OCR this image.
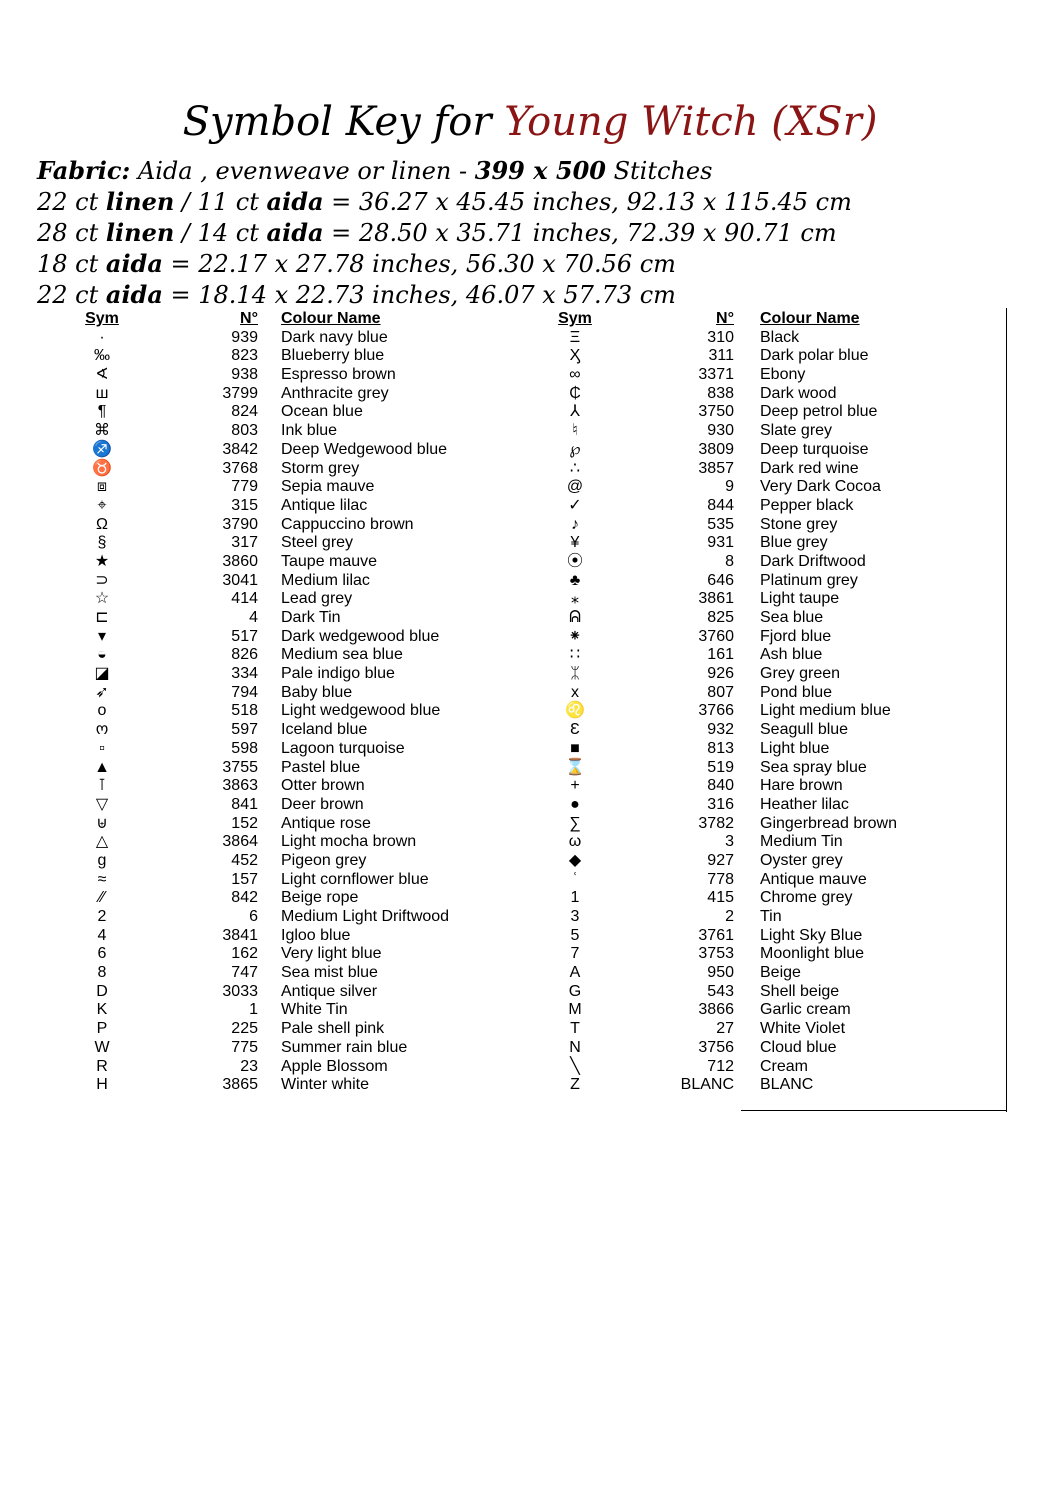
Symbol Key for Young Witch (XSr)
Fabric: Aida , evenweave or linen - 399 x 500 Stitches
22 ct linen / 11 ct aida = 36.27 x 45.45 inches, 92.13 x 115.45 cm
28 ct linen / 14 ct aida = 28.50 x 35.71 inches, 72.39 x 90.71 cm
18 ct aida = 22.17 x 27.78 inches, 56.30 x 70.56 cm
22 ct aida = 18.14 x 22.73 inches, 46.07 x 57.73 cm
Sym	N° Colour Name
·	939 Dark navy blue
‰	823 Blueberry blue
∢	938 Espresso brown
ш	3799 Anthracite grey
¶	824 Ocean blue
⌘	803 Ink blue
♐	3842 Deep Wedgewood blue
♉	3768 Storm grey
⧈	779 Sepia mauve
⌖	315 Antique lilac
Ω	3790 Cappuccino brown
§	317 Steel grey
★	3860 Taupe mauve
⊃	3041 Medium lilac
☆	414 Lead grey
⊏	4 Dark Tin
▾	517 Dark wedgewood blue
◒	826 Medium sea blue
◪	334 Pale indigo blue
➶	794 Baby blue
o	518 Light wedgewood blue
ო	597 Iceland blue
▫	598 Lagoon turquoise
▲	3755 Pastel blue
⊺	3863 Otter brown
▽	841 Deer brown
⊎	152 Antique rose
△	3864 Light mocha brown
g	452 Pigeon grey
≈	157 Light cornflower blue
⁄⁄	842 Beige rope
2	6 Medium Light Driftwood
4	3841 Igloo blue
6	162 Very light blue
8	747 Sea mist blue
D	3033 Antique silver
K	1 White Tin
P	225 Pale shell pink
W	775 Summer rain blue
R	23 Apple Blossom
H	3865 Winter white
Sym	N° Colour Name
Ξ	310 Black
Ӽ	311 Dark polar blue
∞	3371 Ebony
₵	838 Dark wood
⅄	3750 Deep petrol blue
♮	930 Slate grey
℘	3809 Deep turquoise
∴	3857 Dark red wine
@	9 Very Dark Cocoa
✓	844 Pepper black
♪	535 Stone grey
¥	931 Blue grey
⦿	8 Dark Driftwood
♣	646 Platinum grey
⁎	3861 Light taupe
ᕱ	825 Sea blue
⁕	3760 Fjord blue
∷	161 Ash blue
ᛯ	926 Grey green
x	807 Pond blue
♌	3766 Light medium blue
Ɛ	932 Seagull blue
■	813 Light blue
⌛	519 Sea spray blue
+	840 Hare brown
●	316 Heather lilac
∑	3782 Gingerbread brown
ω	3 Medium Tin
◆	927 Oyster grey
ʿ	778 Antique mauve
1	415 Chrome grey
3	2 Tin
5	3761 Light Sky Blue
7	3753 Moonlight blue
A	950 Beige
G	543 Shell beige
M	3866 Garlic cream
T	27 White Violet
N	3756 Cloud blue
╲	712 Cream
Z	BLANC BLANC
